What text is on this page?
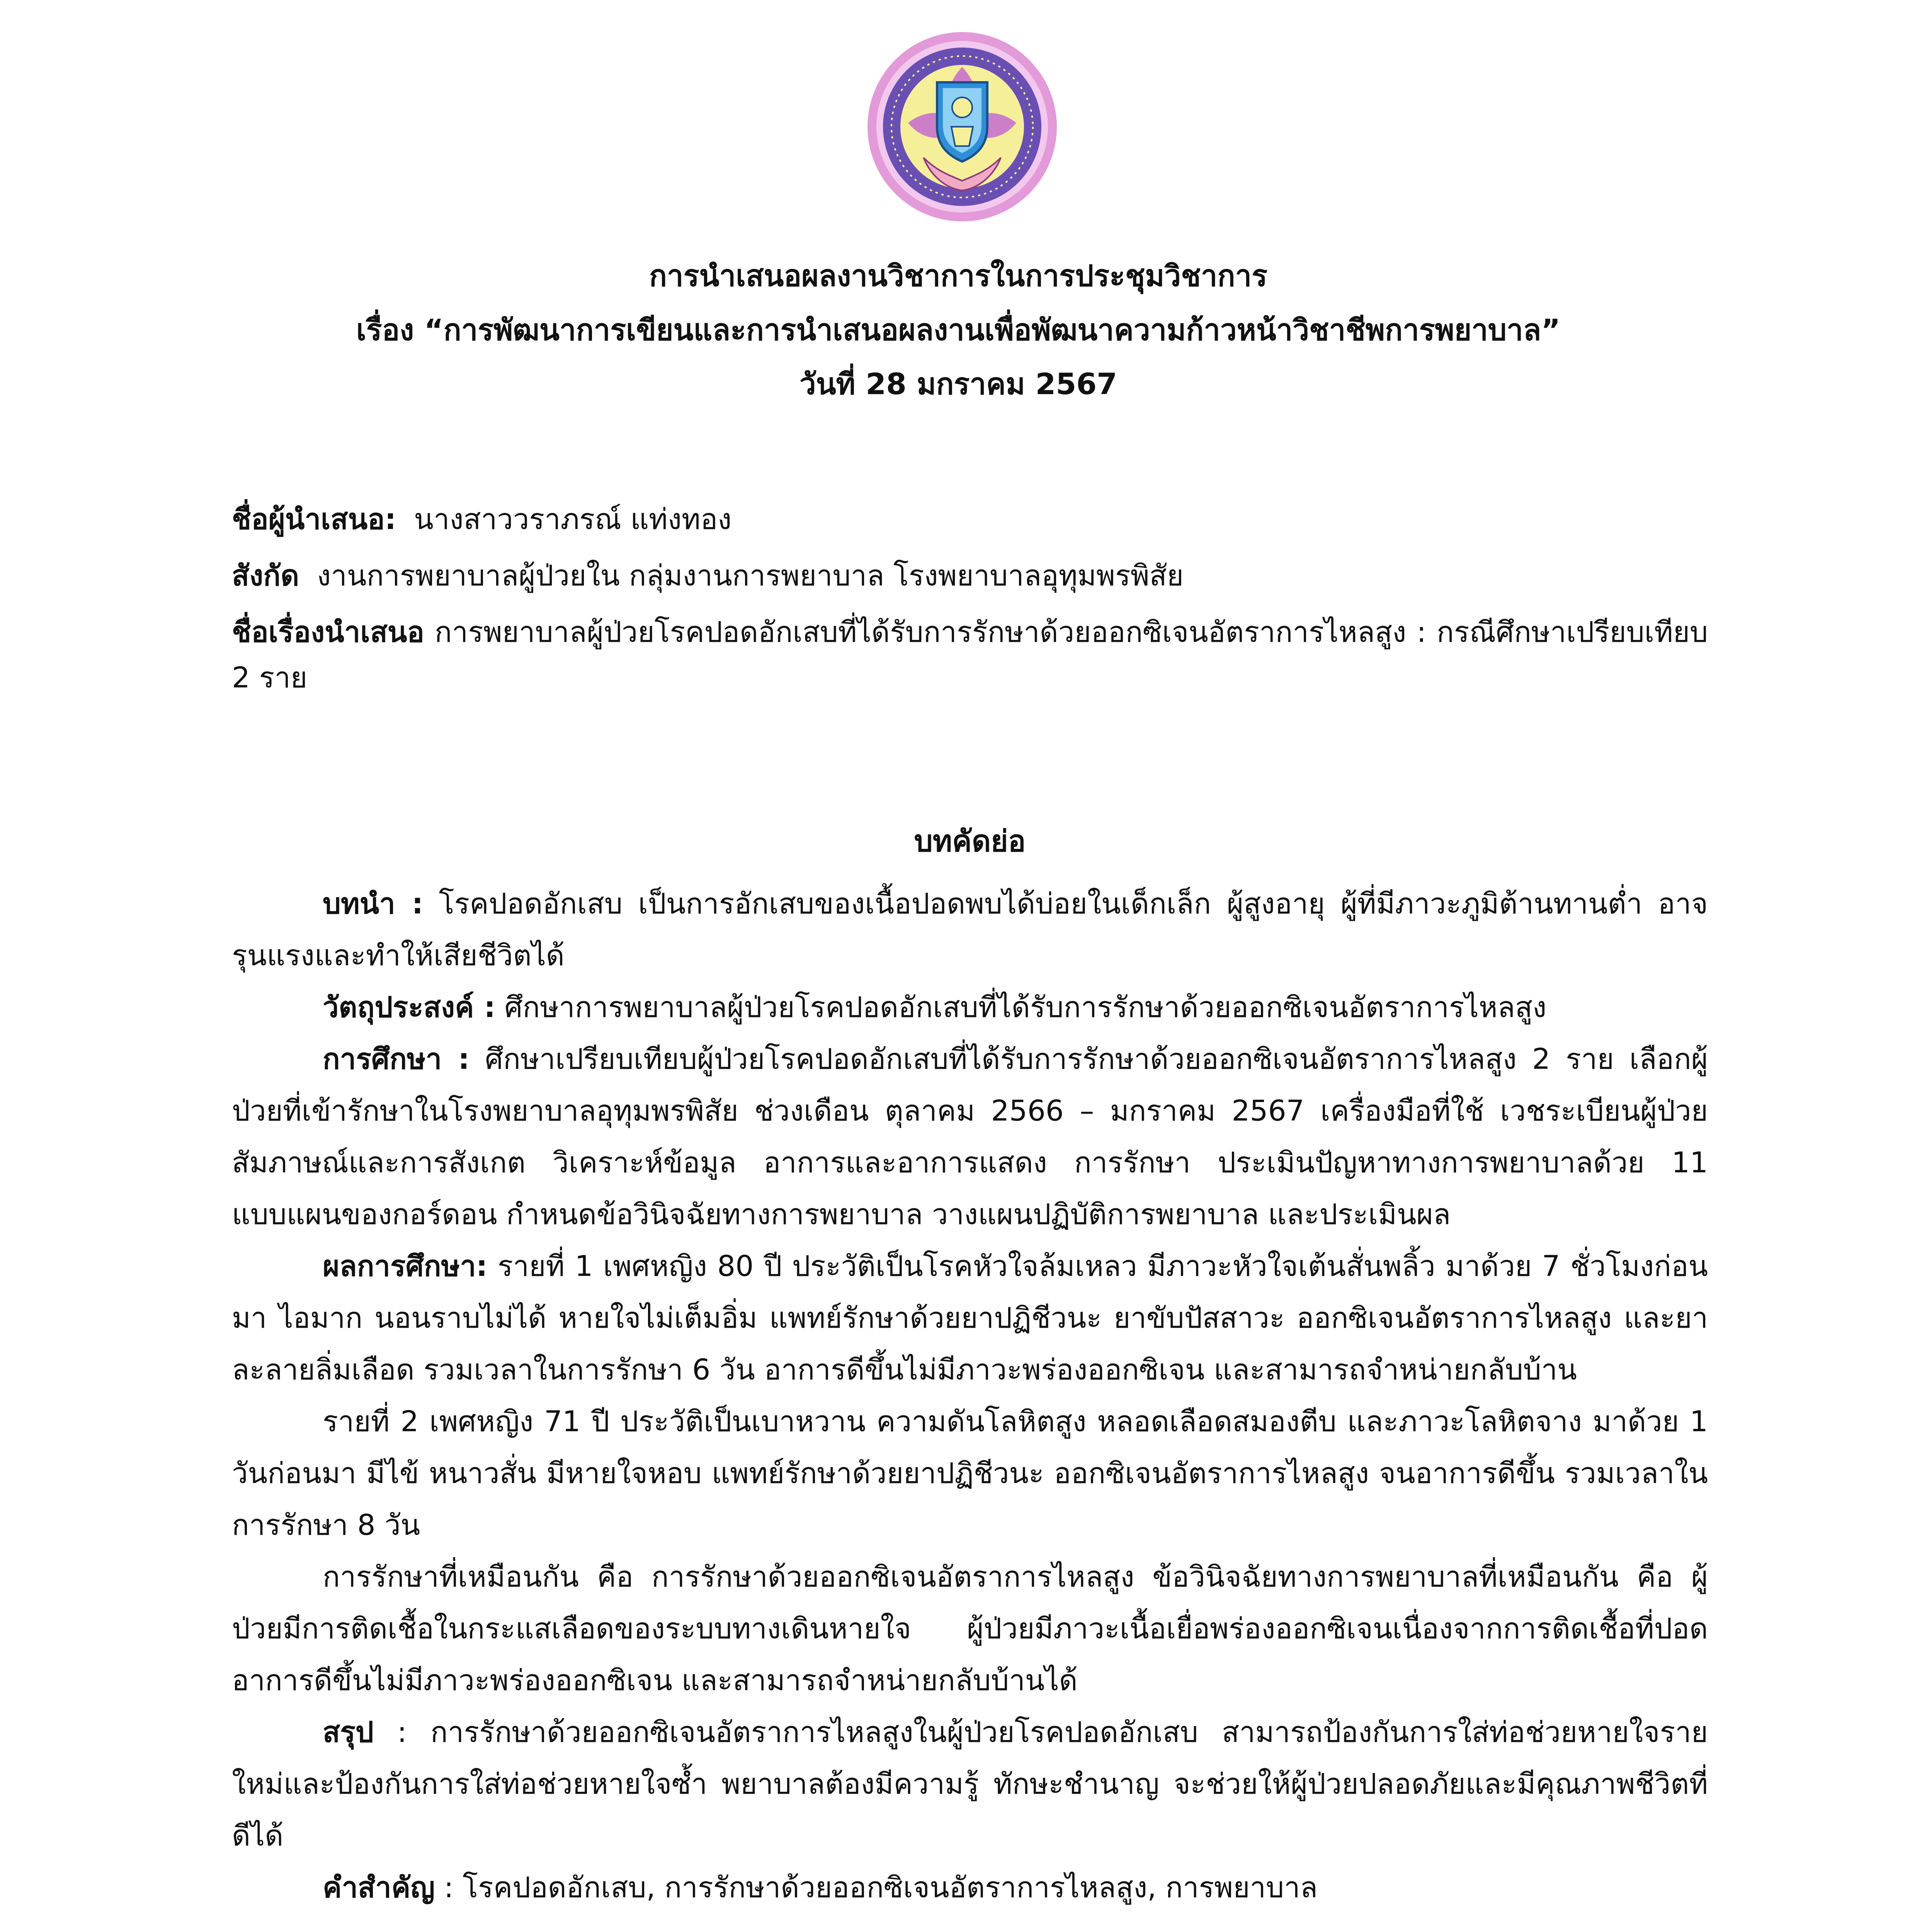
การนำเสนอผลงานวิชาการในการประชุมวิชาการ
เรื่อง “การพัฒนาการเขียนและการนำเสนอผลงานเพื่อพัฒนาความก้าวหน้าวิชาชีพการพยาบาล”
วันที่ 28 มกราคม 2567
ชื่อผู้นำเสนอ: นางสาววราภรณ์ แท่งทอง
สังกัด งานการพยาบาลผู้ป่วยใน กลุ่มงานการพยาบาล โรงพยาบาลอุทุมพรพิสัย
ชื่อเรื่องนำเสนอ การพยาบาลผู้ป่วยโรคปอดอักเสบที่ได้รับการรักษาด้วยออกซิเจนอัตราการไหลสูง : กรณีศึกษาเปรียบเทียบ 2 ราย
บทคัดย่อ

บทนำ : โรคปอดอักเสบ เป็นการอักเสบของเนื้อปอดพบได้บ่อยในเด็กเล็ก ผู้สูงอายุ ผู้ที่มีภาวะภูมิต้านทานต่ำ อาจรุนแรงและทำให้เสียชีวิตได้

วัตถุประสงค์ : ศึกษาการพยาบาลผู้ป่วยโรคปอดอักเสบที่ได้รับการรักษาด้วยออกซิเจนอัตราการไหลสูง

การศึกษา : ศึกษาเปรียบเทียบผู้ป่วยโรคปอดอักเสบที่ได้รับการรักษาด้วยออกซิเจนอัตราการไหลสูง 2 ราย เลือกผู้ป่วยที่เข้ารักษาในโรงพยาบาลอุทุมพรพิสัย ช่วงเดือน ตุลาคม 2566 – มกราคม 2567 เครื่องมือที่ใช้ เวชระเบียนผู้ป่วย สัมภาษณ์และการสังเกต วิเคราะห์ข้อมูล อาการและอาการแสดง การรักษา ประเมินปัญหาทางการพยาบาลด้วย 11 แบบแผนของกอร์ดอน กำหนดข้อวินิจฉัยทางการพยาบาล วางแผนปฏิบัติการพยาบาล และประเมินผล

ผลการศึกษา: รายที่ 1 เพศหญิง 80 ปี ประวัติเป็นโรคหัวใจล้มเหลว มีภาวะหัวใจเต้นสั่นพลิ้ว มาด้วย 7 ชั่วโมงก่อนมา ไอมาก นอนราบไม่ได้ หายใจไม่เต็มอิ่ม แพทย์รักษาด้วยยาปฏิชีวนะ ยาขับปัสสาวะ ออกซิเจนอัตราการไหลสูง และยาละลายลิ่มเลือด รวมเวลาในการรักษา 6 วัน อาการดีขึ้นไม่มีภาวะพร่องออกซิเจน และสามารถจำหน่ายกลับบ้าน

รายที่ 2 เพศหญิง 71 ปี ประวัติเป็นเบาหวาน ความดันโลหิตสูง หลอดเลือดสมองตีบ และภาวะโลหิตจาง มาด้วย 1 วันก่อนมา มีไข้ หนาวสั่น มีหายใจหอบ แพทย์รักษาด้วยยาปฏิชีวนะ ออกซิเจนอัตราการไหลสูง จนอาการดีขึ้น รวมเวลาในการรักษา 8 วัน

การรักษาที่เหมือนกัน คือ การรักษาด้วยออกซิเจนอัตราการไหลสูง ข้อวินิจฉัยทางการพยาบาลที่เหมือนกัน คือ ผู้ป่วยมีการติดเชื้อในกระแสเลือดของระบบทางเดินหายใจ ผู้ป่วยมีภาวะเนื้อเยื่อพร่องออกซิเจนเนื่องจากการติดเชื้อที่ปอด อาการดีขึ้นไม่มีภาวะพร่องออกซิเจน และสามารถจำหน่ายกลับบ้านได้

สรุป : การรักษาด้วยออกซิเจนอัตราการไหลสูงในผู้ป่วยโรคปอดอักเสบ สามารถป้องกันการใส่ท่อช่วยหายใจรายใหม่และป้องกันการใส่ท่อช่วยหายใจซ้ำ พยาบาลต้องมีความรู้ ทักษะชำนาญ จะช่วยให้ผู้ป่วยปลอดภัยและมีคุณภาพชีวิตที่ดีได้

คำสำคัญ : โรคปอดอักเสบ, การรักษาด้วยออกซิเจนอัตราการไหลสูง, การพยาบาล
